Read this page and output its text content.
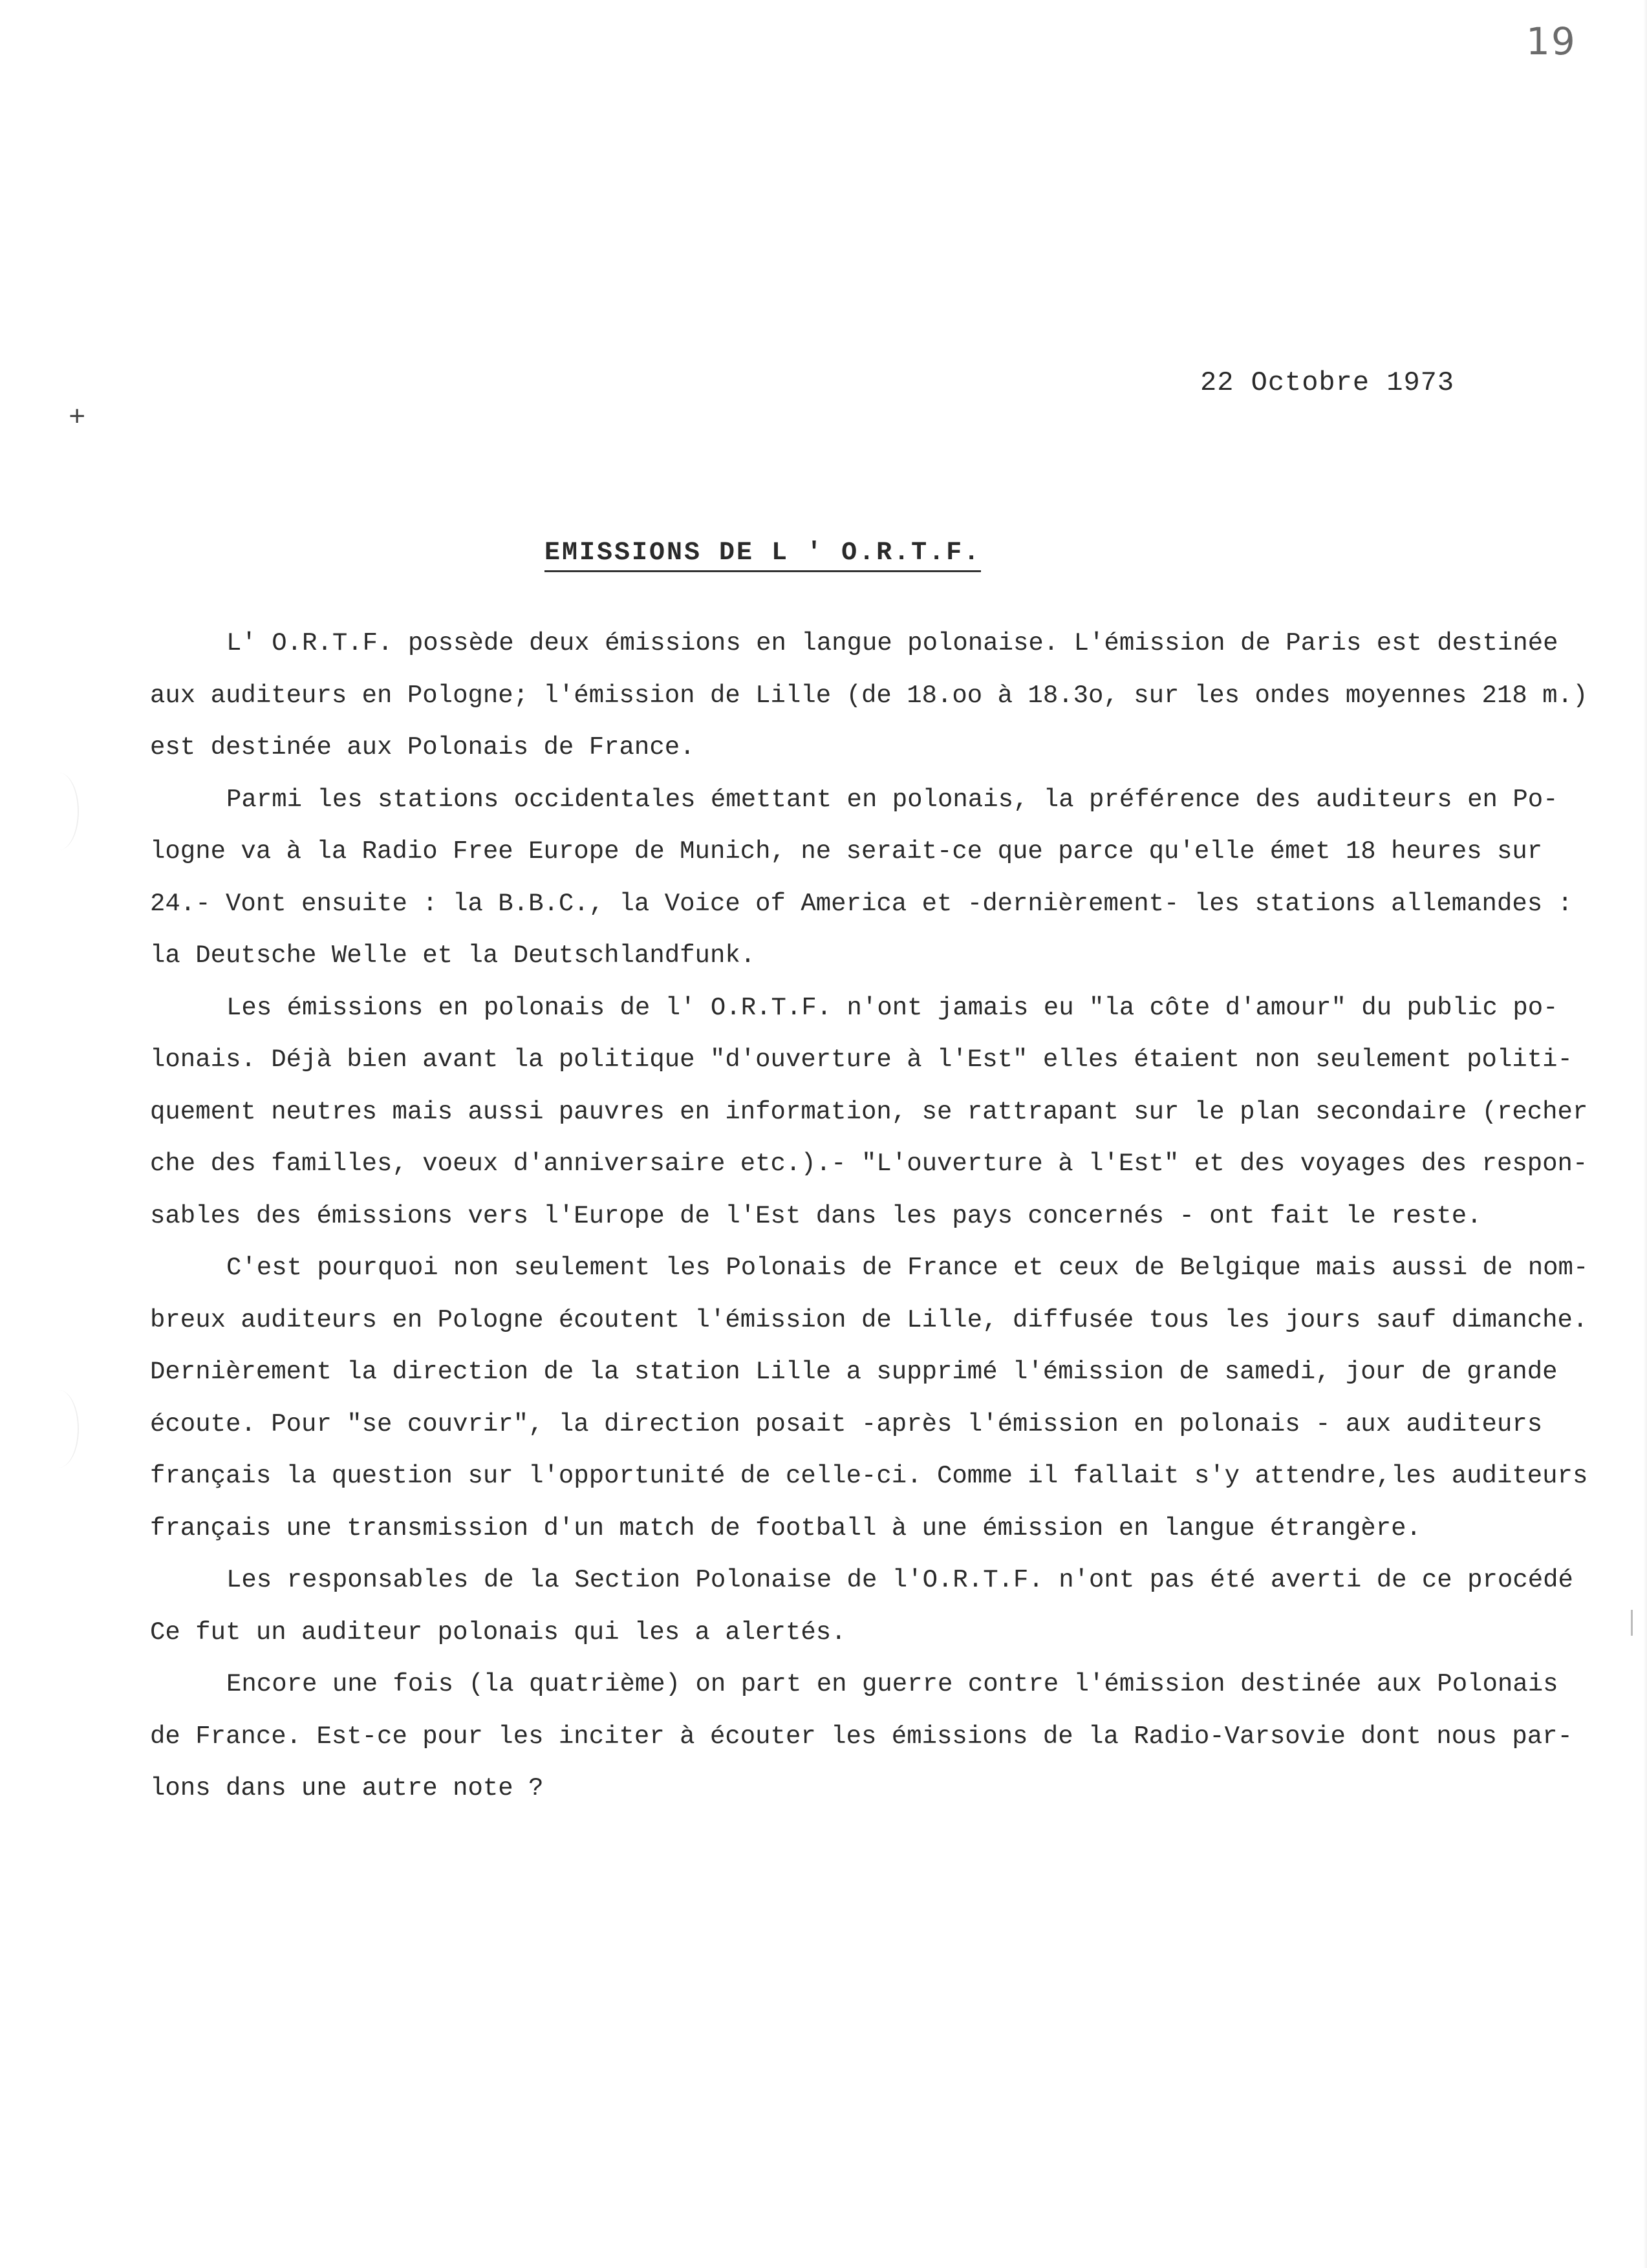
19
+
22 Octobre 1973
EMISSIONS DE L ' O.R.T.F.
L' O.R.T.F. possède deux émissions en langue polonaise. L'émission de Paris est destinée
aux auditeurs en Pologne; l'émission de Lille (de 18.oo à 18.3o, sur les ondes moyennes 218 m.)
est destinée aux Polonais de France.
Parmi les stations occidentales émettant en polonais, la préférence des auditeurs en Po-
logne va à la Radio Free Europe de Munich, ne serait-ce que parce qu'elle émet 18 heures sur
24.- Vont ensuite : la B.B.C., la Voice of America et -dernièrement- les stations allemandes :
la Deutsche Welle et la Deutschlandfunk.
Les émissions en polonais de l' O.R.T.F. n'ont jamais eu "la côte d'amour" du public po-
lonais. Déjà bien avant la politique "d'ouverture à l'Est" elles étaient non seulement politi-
quement neutres mais aussi pauvres en information, se rattrapant sur le plan secondaire (recher
che des familles, voeux d'anniversaire etc.).- "L'ouverture à l'Est" et des voyages des respon-
sables des émissions vers l'Europe de l'Est dans les pays concernés - ont fait le reste.
C'est pourquoi non seulement les Polonais de France et ceux de Belgique mais aussi de nom-
breux auditeurs en Pologne écoutent l'émission de Lille, diffusée tous les jours sauf dimanche.
Dernièrement la direction de la station Lille a supprimé l'émission de samedi, jour de grande
écoute. Pour "se couvrir", la direction posait -après l'émission en polonais - aux auditeurs
français la question sur l'opportunité de celle-ci. Comme il fallait s'y attendre,les auditeurs
français une transmission d'un match de football à une émission en langue étrangère.
Les responsables de la Section Polonaise de l'O.R.T.F. n'ont pas été averti de ce procédé
Ce fut un auditeur polonais qui les a alertés.
Encore une fois (la quatrième) on part en guerre contre l'émission destinée aux Polonais
de France. Est-ce pour les inciter à écouter les émissions de la Radio-Varsovie dont nous par-
lons dans une autre note ?
